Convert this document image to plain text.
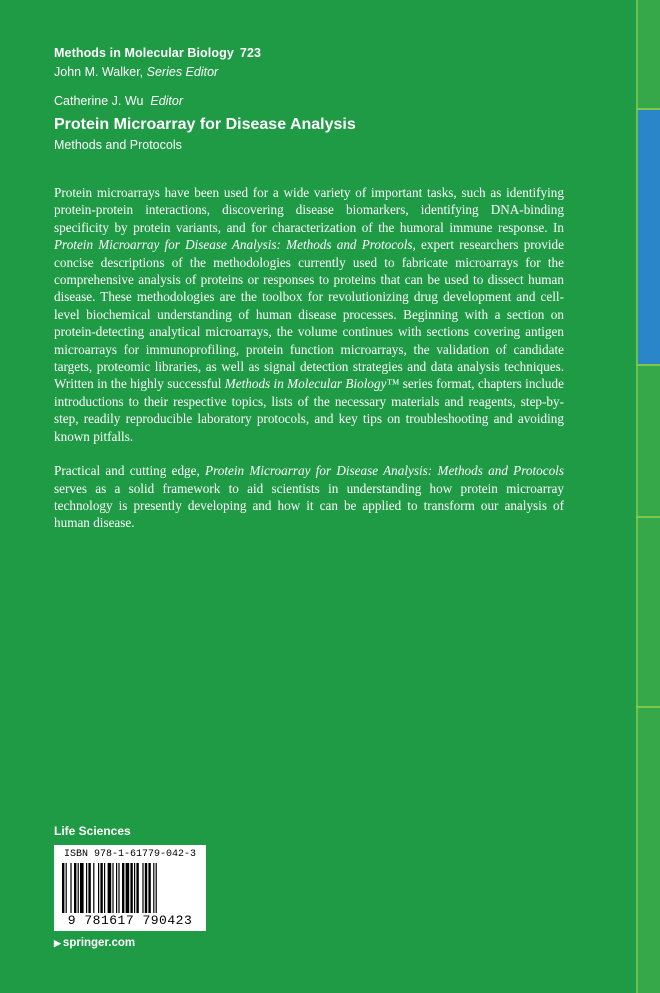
Methods in Molecular Biology 723
John M. Walker, Series Editor
Catherine J. Wu Editor
Protein Microarray for Disease Analysis
Methods and Protocols

Protein microarrays have been used for a wide variety of important tasks, such as identifying protein-protein interactions, discovering disease biomarkers, identifying DNA-binding specificity by protein variants, and for characterization of the humoral immune response. In Protein Microarray for Disease Analysis: Methods and Protocols, expert researchers provide concise descriptions of the methodologies currently used to fabricate microarrays for the comprehensive analysis of proteins or responses to proteins that can be used to dissect human disease. These methodologies are the toolbox for revolutionizing drug development and cell-level biochemical understanding of human disease processes. Beginning with a section on protein-detecting analytical microarrays, the volume continues with sections covering antigen microarrays for immunoprofiling, protein function microarrays, the validation of candidate targets, proteomic libraries, as well as signal detection strategies and data analysis techniques. Written in the highly successful Methods in Molecular Biology™ series format, chapters include introductions to their respective topics, lists of the necessary materials and reagents, step-by-step, readily reproducible laboratory protocols, and key tips on troubleshooting and avoiding known pitfalls.

Practical and cutting edge, Protein Microarray for Disease Analysis: Methods and Protocols serves as a solid framework to aid scientists in understanding how protein microarray technology is presently developing and how it can be applied to transform our analysis of human disease.

Life Sciences
ISBN 978-1-61779-042-3
9 781617 790423
▶ springer.com
